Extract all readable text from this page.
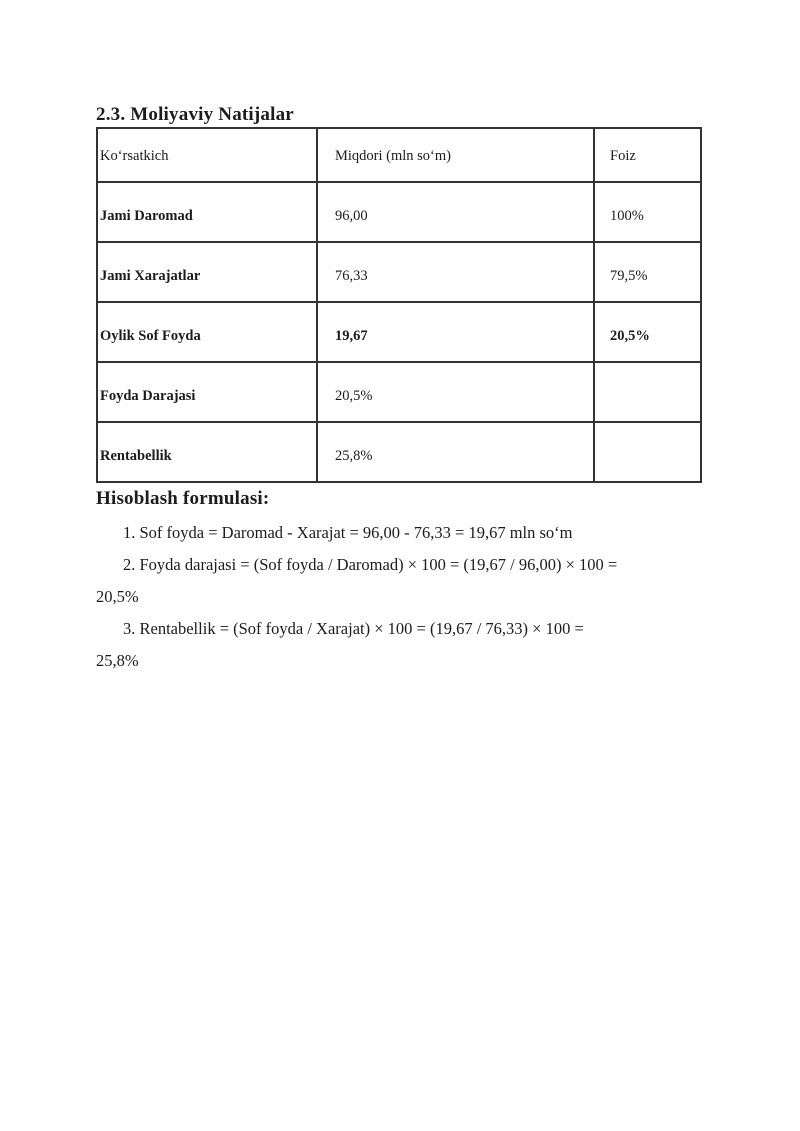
2.3. Moliyaviy Natijalar
Ko‘rsatkich	Miqdori (mln so‘m)	Foiz
Jami Daromad	96,00	100%
Jami Xarajatlar	76,33	79,5%
Oylik Sof Foyda	19,67	20,5%
Foyda Darajasi	20,5%	
Rentabellik	25,8%	
Hisoblash formulasi:

1. Sof foyda = Daromad - Xarajat = 96,00 - 76,33 = 19,67 mln so‘m

2. Foyda darajasi = (Sof foyda / Daromad) × 100 = (19,67 / 96,00) × 100 =

20,5%

3. Rentabellik = (Sof foyda / Xarajat) × 100 = (19,67 / 76,33) × 100 =

25,8%
